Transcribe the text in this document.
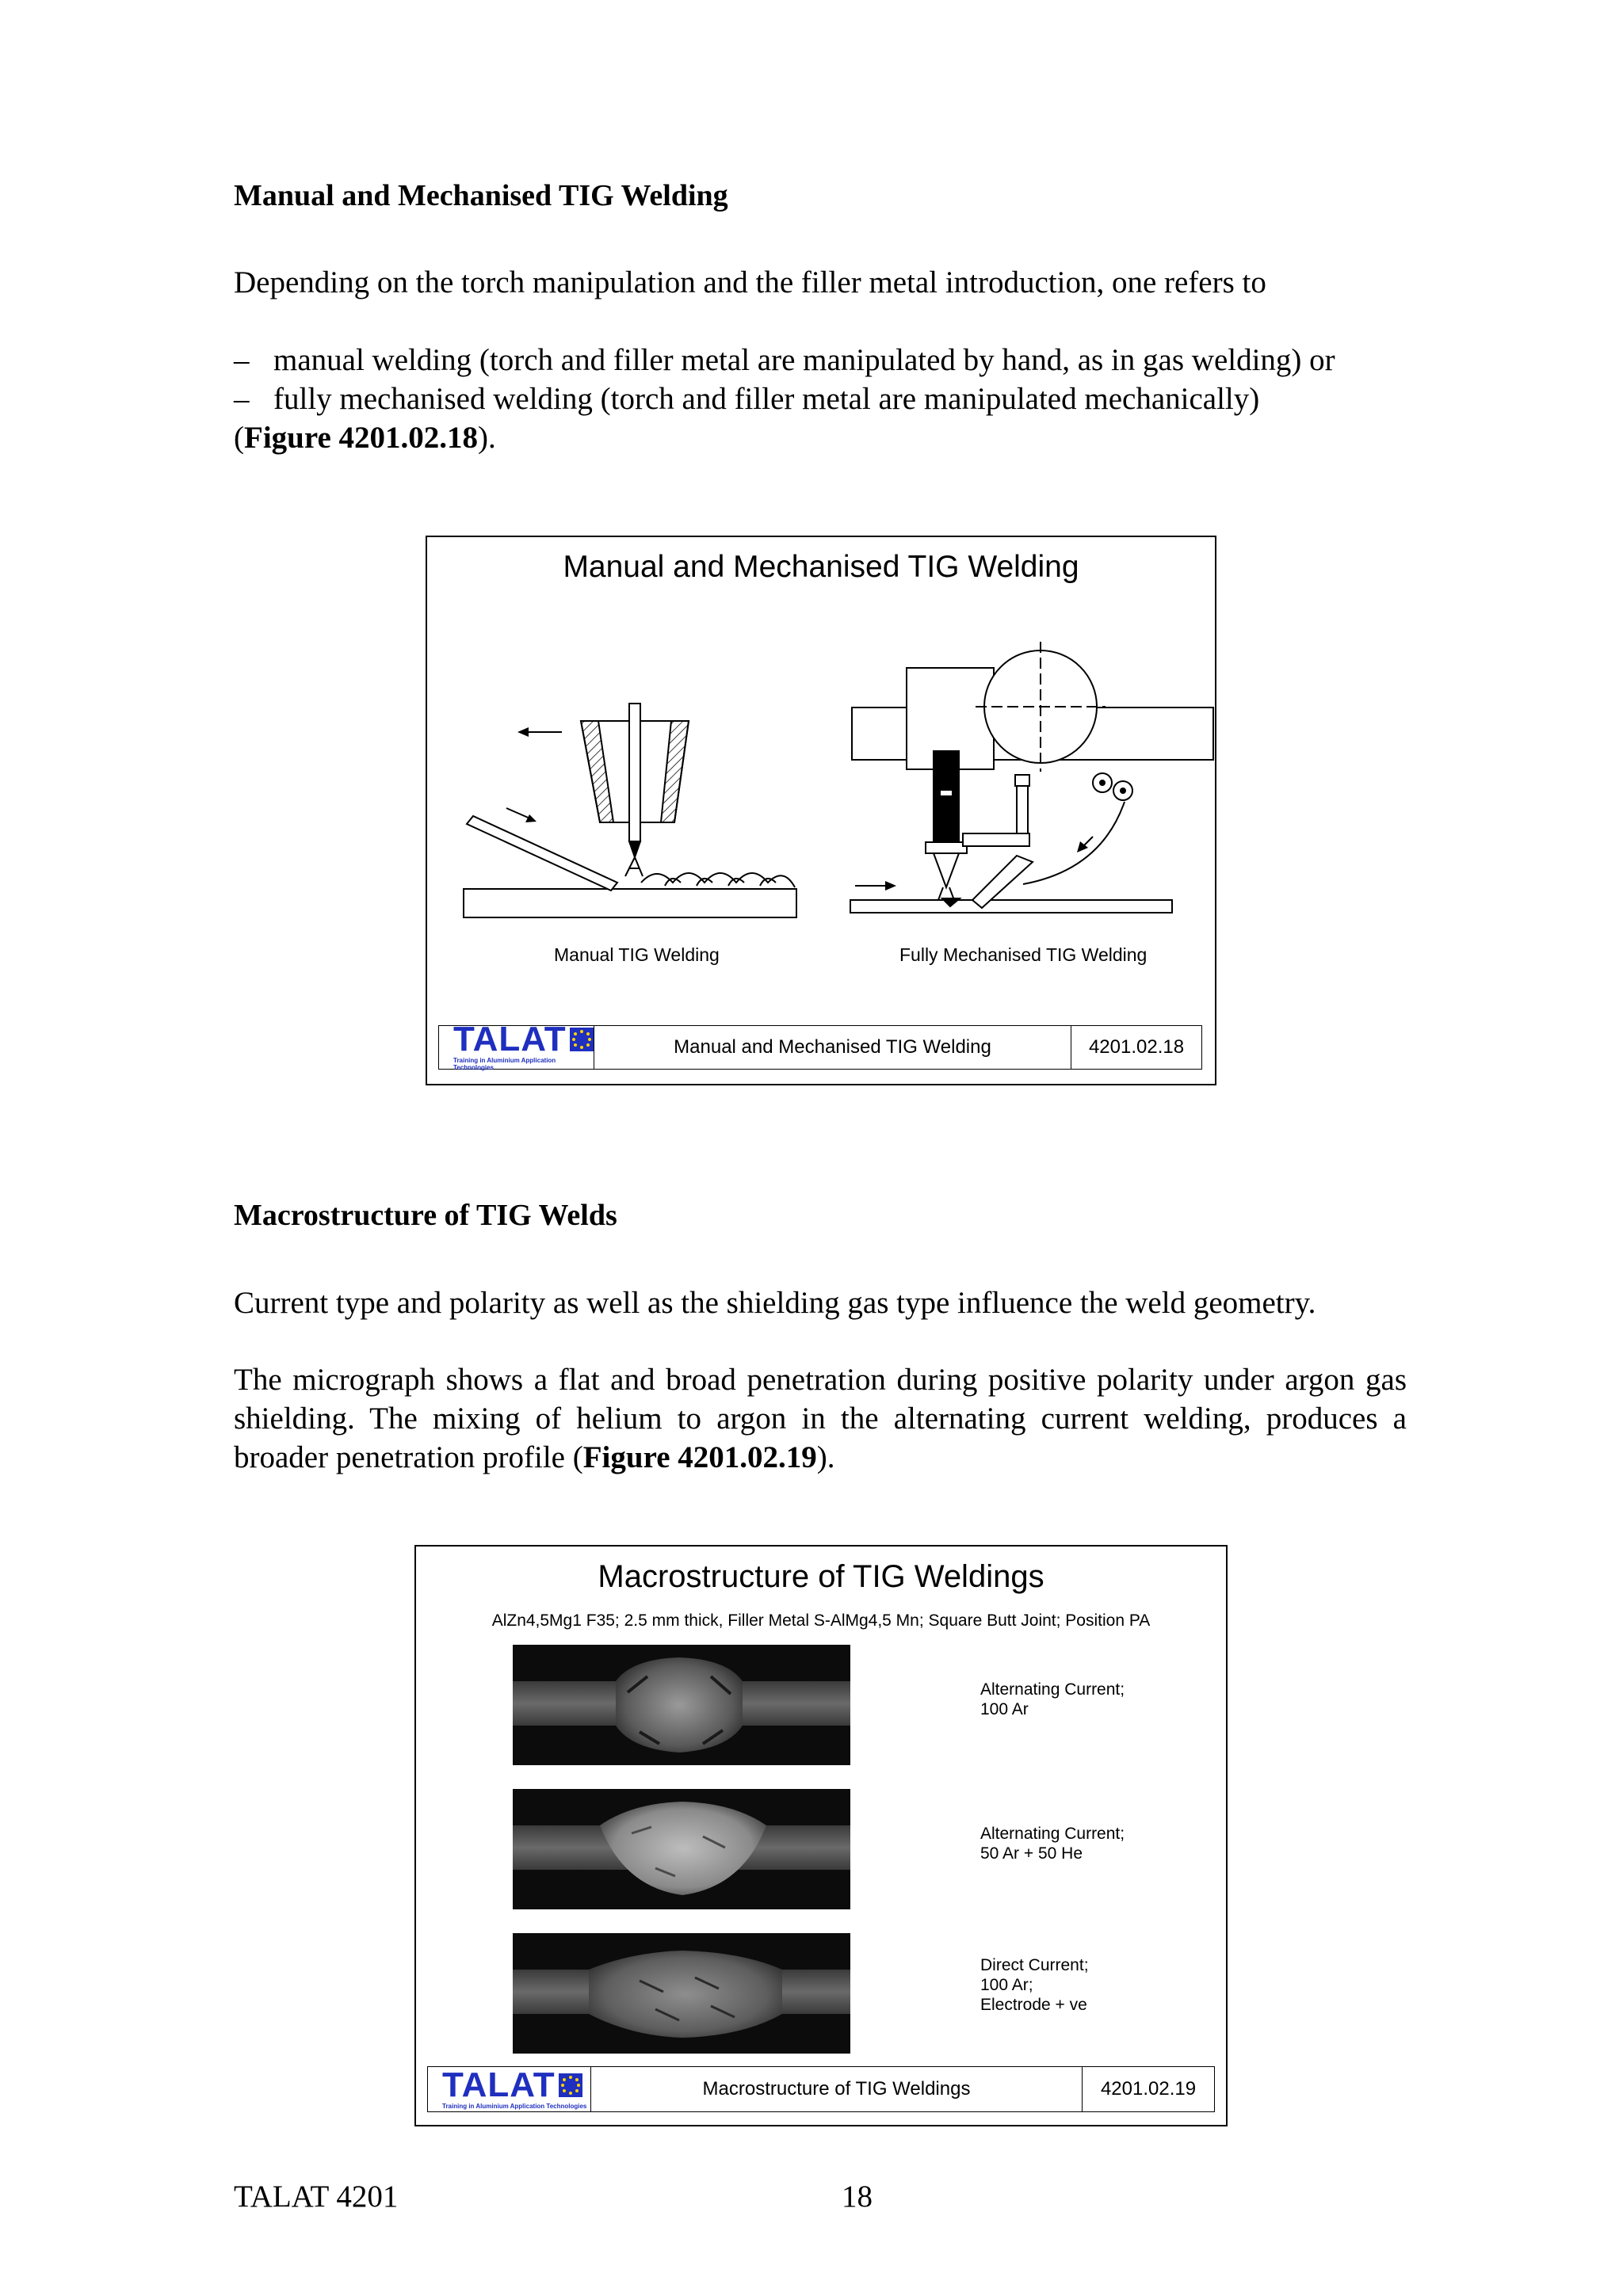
Manual and Mechanised TIG Welding
Depending on the torch manipulation and the filler metal introduction, one refers to
– manual welding (torch and filler metal are manipulated by hand, as in gas welding) or
– fully mechanised welding (torch and filler metal are manipulated mechanically)
(Figure 4201.02.18).
Manual and Mechanised TIG Welding
Manual TIG Welding	Fully Mechanised TIG Welding
TALAT
Training in Aluminium Application Technologies
Manual and Mechanised TIG Welding	4201.02.18
Macrostructure of TIG Welds
Current type and polarity as well as the shielding gas type influence the weld geometry.
The micrograph shows a flat and broad penetration during positive polarity under argon gas shielding. The mixing of helium to argon in the alternating current welding, produces a broader penetration profile (Figure 4201.02.19).
Macrostructure of TIG Weldings
AlZn4,5Mg1 F35; 2.5 mm thick, Filler Metal S-AlMg4,5 Mn; Square Butt Joint; Position PA
Alternating Current;
100 Ar
Alternating Current;
50 Ar + 50 He
Direct Current;
100 Ar;
Electrode + ve
TALAT
Training in Aluminium Application Technologies
Macrostructure of TIG Weldings	4201.02.19
TALAT 4201	18
